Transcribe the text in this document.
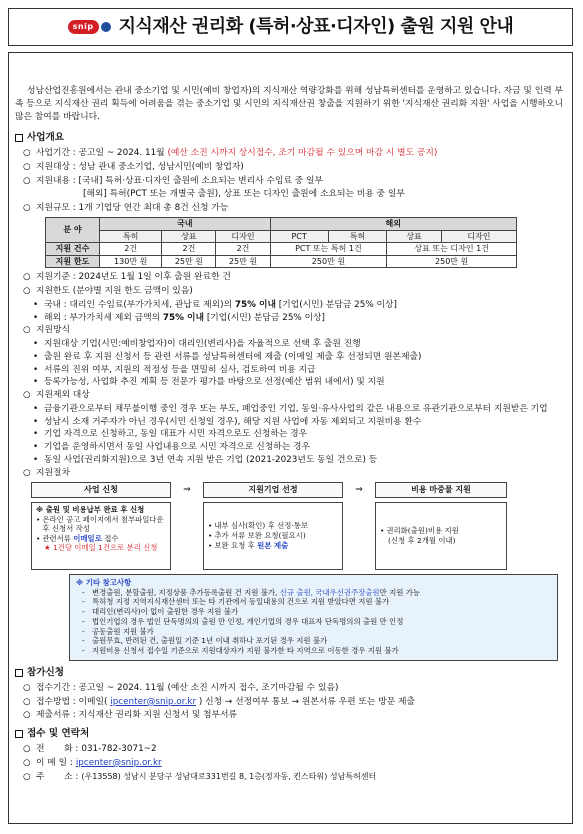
snip 지식재산 권리화 (특허·상표·디자인) 출원 지원 안내

성남산업진흥원에서는 관내 중소기업 및 시민(예비 창업자)의 지식재산 역량강화를 위해 성남특허센터를 운영하고 있습니다. 자금 및 인력 부족 등으로 지식재산 권리 획득에 어려움을 겪는 중소기업 및 시민의 지식재산권 창출을 지원하기 위한 '지식재산 권리화 지원' 사업을 시행하오니 많은 참여를 바랍니다.

사업개요
○ 사업기간 : 공고일 ~ 2024. 11월 (예산 소진 시까지 상시접수, 조기 마감될 수 있으며 마감 시 별도 공지)
○ 지원대상 : 성남 관내 중소기업, 성남시민(예비 창업자)
○ 지원내용 : [국내] 특허·상표·디자인 출원에 소요되는 변리사 수임료 중 일부
[해외] 특허(PCT 또는 개별국 출원), 상표 또는 디자인 출원에 소요되는 비용 중 일부
○ 지원규모 : 1개 기업당 연간 최대 총 8건 신청 가능
분 야	국내			해외			
	특허	상표	디자인	PCT	특허	상표	디자인
지원 건수	2건	2건	2건	PCT 또는 특허 1건		상표 또는 디자인 1건	
지원 한도	130만 원	25만 원	25만 원	250만 원		250만 원	
○ 지원기준 : 2024년도 1월 1일 이후 출원 완료한 건
○ 지원한도 (분야별 지원 한도 금액이 있음)
• 국내 : 대리인 수임료(부가가치세, 관납료 제외)의 75% 이내 [기업(시민) 분담금 25% 이상]
• 해외 : 부가가치세 제외 금액의 75% 이내 [기업(시민) 분담금 25% 이상]
○ 지원방식
• 지원대상 기업(시민:예비창업자)이 대리인(변리사)을 자율적으로 선택 후 출원 진행
• 출원 완료 후 지원 신청서 등 관련 서류를 성남특허센터에 제출 (이메일 제출 후 선정되면 원본제출)
• 서류의 진위 여부, 지원의 적정성 등을 면밀히 심사, 검토하여 비용 지급
• 등록가능성, 사업화 추진 계획 등 전문가 평가를 바탕으로 선정(예산 범위 내에서) 및 지원
○ 지원제외 대상
• 금융기관으로부터 채무불이행 중인 경우 또는 부도, 폐업중인 기업, 동일·유사사업의 같은 내용으로 유관기관으로부터 지원받은 기업
• 성남시 소재 거주자가 아닌 경우(시민 신청일 경우), 해당 지원 사업에 자동 제외되고 지원비용 환수
• 기업 자격으로 신청하고, 동일 대표가 시민 자격으로도 신청하는 경우
• 기업을 운영하시면서 동일 사업내용으로 시민 자격으로 신청하는 경우
• 동일 사업(권리화지원)으로 3년 연속 지원 받은 기업 (2021-2023년도 동일 건으로) 등
○ 지원절차
사업 신청
※ 출원 및 비용납부 완료 후 신청
• 온라인 공고 페이지에서 첨부파일다운 후 신청서 작성
• 관련서류 이메일로 접수
★ 1건당 이메일 1건으로 분리 신청
⇒	지원기업 선정
• 내부 심사(확인) 후 선정·통보
• 추가 서류 보완 요청(필요시)
• 보완 요청 후 원본 제출
⇒	비용 마중물 지원
• 권리화(출원)비용 지원
(신청 후 2개월 이내)
※ 기타 참고사항
- 변경출원, 분할출원, 지정상품 추가등록출원 건 지원 불가, 신규 출원, 국내우선권주장출원만 지원 가능
- 특허청 지정 지역지식재산센터 또는 타 기관에서 동일내용의 건으로 지원 받았다면 지원 불가
- 대리인(변리사)이 없이 출원한 경우 지원 불가
- 법인기업의 경우 법인 단독명의의 출원 만 인정, 개인기업의 경우 대표자 단독명의의 출원 만 인정
- 공동출원 지원 불가
- 출원무효, 반려된 건, 출원일 기준 1년 이내 취하나 포기된 경우 지원 불가
- 지원비용 신청서 접수일 기준으로 지원대상자가 지원 불가한 타 지역으로 이동한 경우 지원 불가
참가신청
○ 접수기간 : 공고일 ~ 2024. 11월 (예산 소진 시까지 접수, 조기마감될 수 있음)
○ 접수방법 : 이메일( ipcenter@snip.or.kr ) 신청 → 선정여부 통보 → 원본서류 우편 또는 방문 제출
○ 제출서류 : 지식재산 권리화 지원 신청서 및 첨부서류
접수 및 연락처
○ 전       화 : 031-782-3071~2
○ 이 메 일 : ipcenter@snip.or.kr
○ 주       소 : (우13558) 성남시 분당구 성남대로331번길 8, 1층(정자동, 킨스타워) 성남특허센터
